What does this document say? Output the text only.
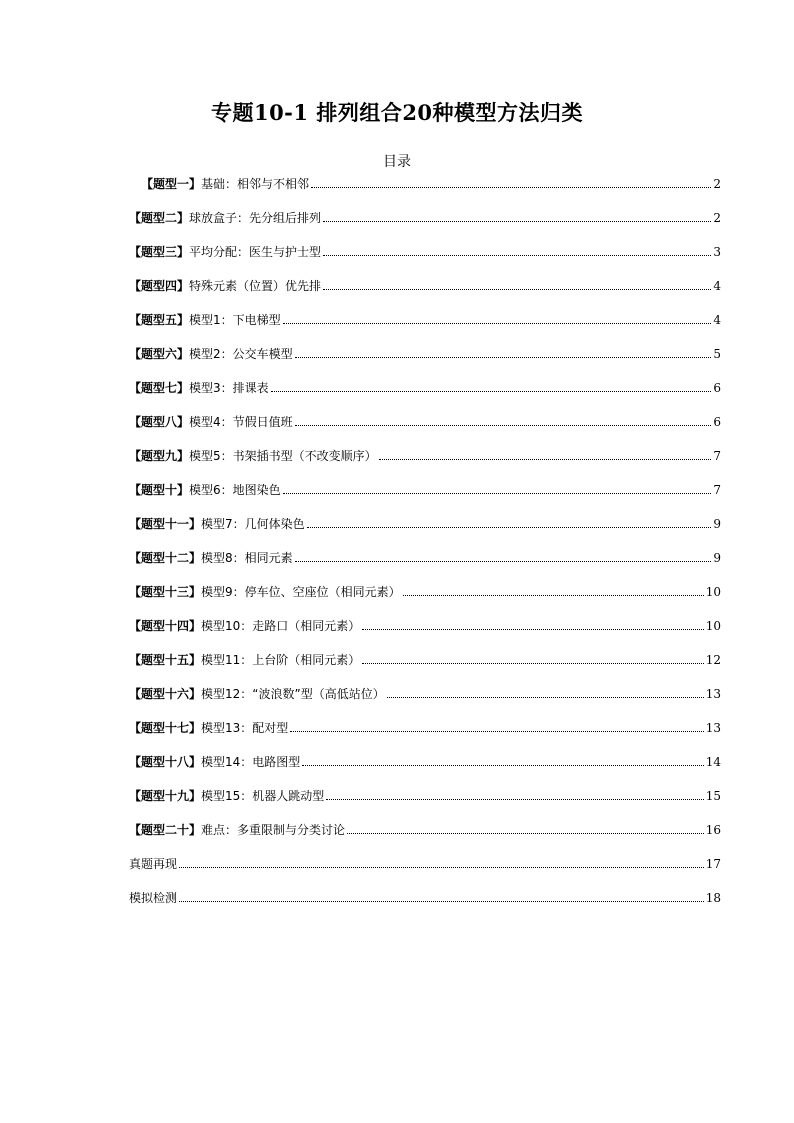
专题10-1 排列组合20种模型方法归类
目录
【题型一】 基础：相邻与不相邻	2
【题型二】 球放盒子：先分组后排列	2
【题型三】 平均分配：医生与护士型	3
【题型四】 特殊元素（位置）优先排	4
【题型五】 模型1：下电梯型	4
【题型六】 模型2：公交车模型	5
【题型七】 模型3：排课表	6
【题型八】 模型4：节假日值班	6
【题型九】 模型5：书架插书型（不改变顺序）	7
【题型十】 模型6：地图染色	7
【题型十一】 模型7：几何体染色	9
【题型十二】 模型8：相同元素	9
【题型十三】 模型9：停车位、空座位（相同元素）	10
【题型十四】 模型10：走路口（相同元素）	10
【题型十五】 模型11：上台阶（相同元素）	12
【题型十六】 模型12：“波浪数”型（高低站位）	13
【题型十七】 模型13：配对型	13
【题型十八】 模型14：电路图型	14
【题型十九】 模型15：机器人跳动型	15
【题型二十】 难点：多重限制与分类讨论	16
真题再现	17
模拟检测	18
